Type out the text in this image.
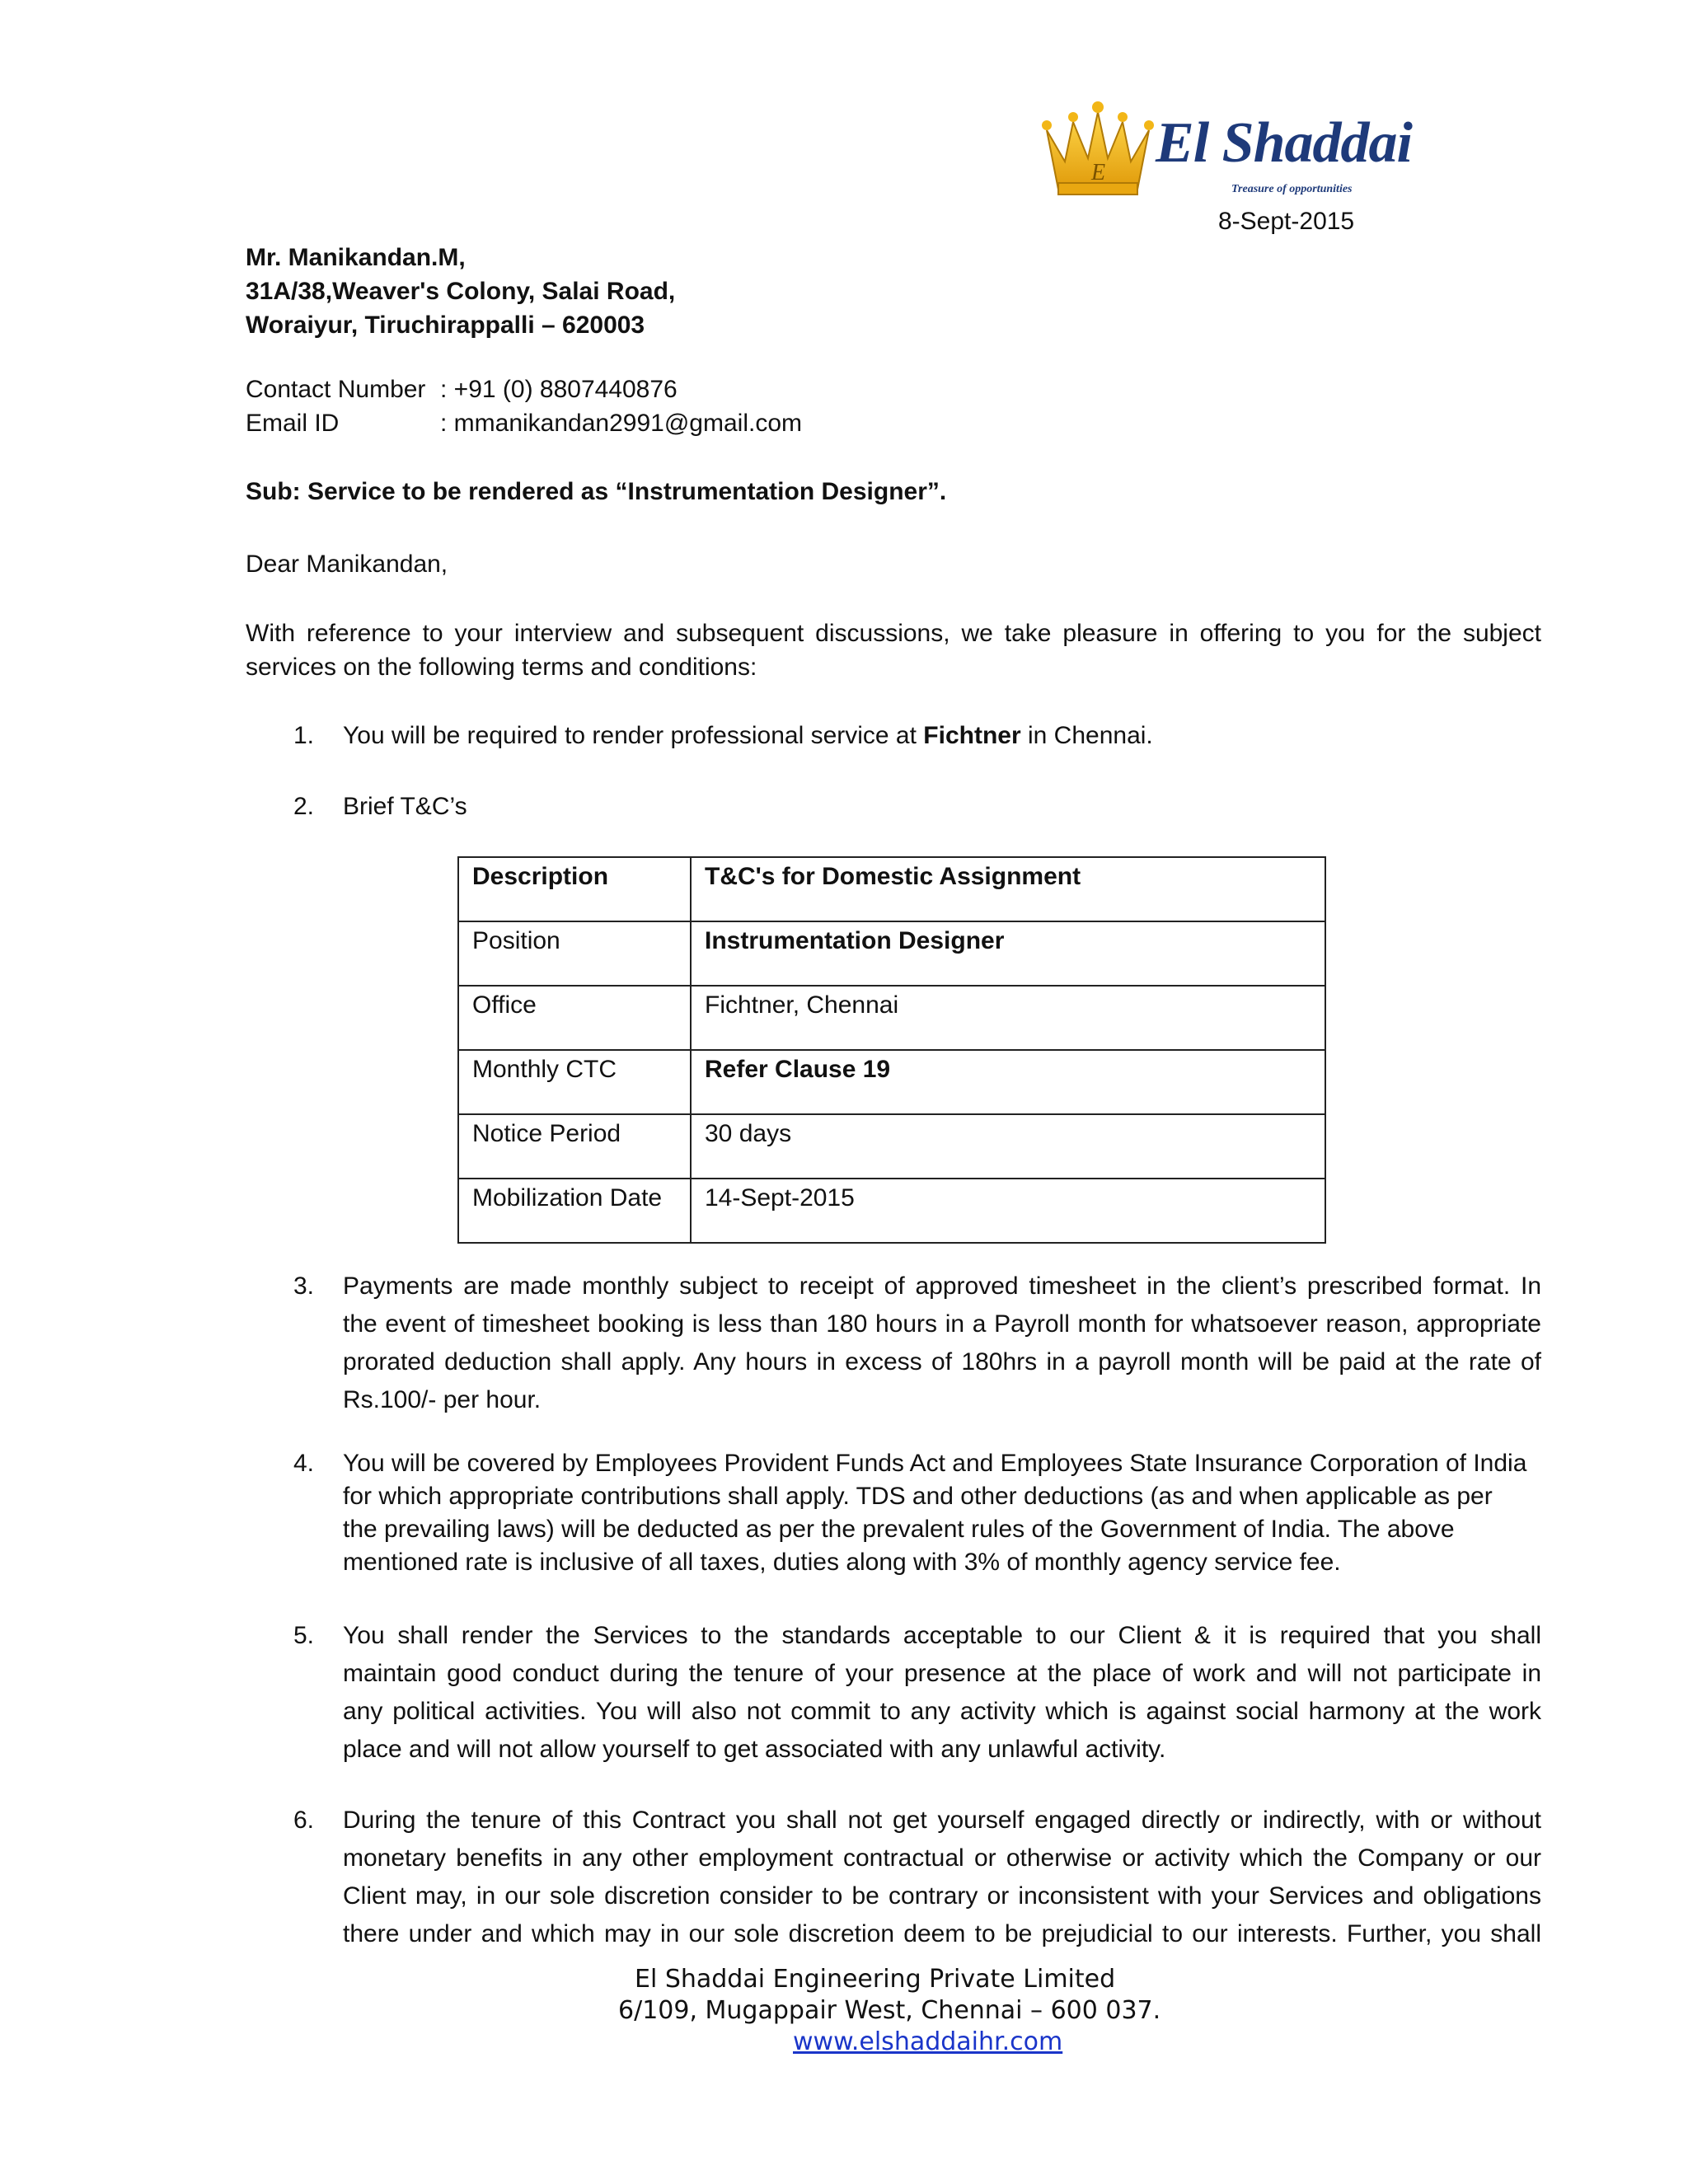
E El Shaddai
Treasure of opportunities
8-Sept-2015
Mr. Manikandan.M,
31A/38,Weaver's Colony, Salai Road,
Woraiyur, Tiruchirappalli – 620003
Contact Number : +91 (0) 8807440876
Email ID	: mmanikandan2991@gmail.com
Sub: Service to be rendered as “Instrumentation Designer”.
Dear Manikandan,
With reference to your interview and subsequent discussions, we take pleasure in offering to you for the subject
services on the following terms and conditions:
1.	You will be required to render professional service at Fichtner in Chennai.
2.	Brief T&C’s
Description	T&C's for Domestic Assignment
Position	Instrumentation Designer
Office	Fichtner, Chennai
Monthly CTC	Refer Clause 19
Notice Period	30 days
Mobilization Date	14-Sept-2015
3.	Payments are made monthly subject to receipt of approved timesheet in the client’s prescribed format. In
the event of timesheet booking is less than 180 hours in a Payroll month for whatsoever reason, appropriate
prorated deduction shall apply. Any hours in excess of 180hrs in a payroll month will be paid at the rate of
Rs.100/- per hour.
4.	You will be covered by Employees Provident Funds Act and Employees State Insurance Corporation of India
for which appropriate contributions shall apply. TDS and other deductions (as and when applicable as per
the prevailing laws) will be deducted as per the prevalent rules of the Government of India. The above
mentioned rate is inclusive of all taxes, duties along with 3% of monthly agency service fee.
5.	You shall render the Services to the standards acceptable to our Client & it is required that you shall
maintain good conduct during the tenure of your presence at the place of work and will not participate in
any political activities. You will also not commit to any activity which is against social harmony at the work
place and will not allow yourself to get associated with any unlawful activity.
6.	During the tenure of this Contract you shall not get yourself engaged directly or indirectly, with or without
monetary benefits in any other employment contractual or otherwise or activity which the Company or our
Client may, in our sole discretion consider to be contrary or inconsistent with your Services and obligations
there under and which may in our sole discretion deem to be prejudicial to our interests. Further, you shall
El Shaddai Engineering Private Limited
6/109, Mugappair West, Chennai – 600 037.
www.elshaddaihr.com
